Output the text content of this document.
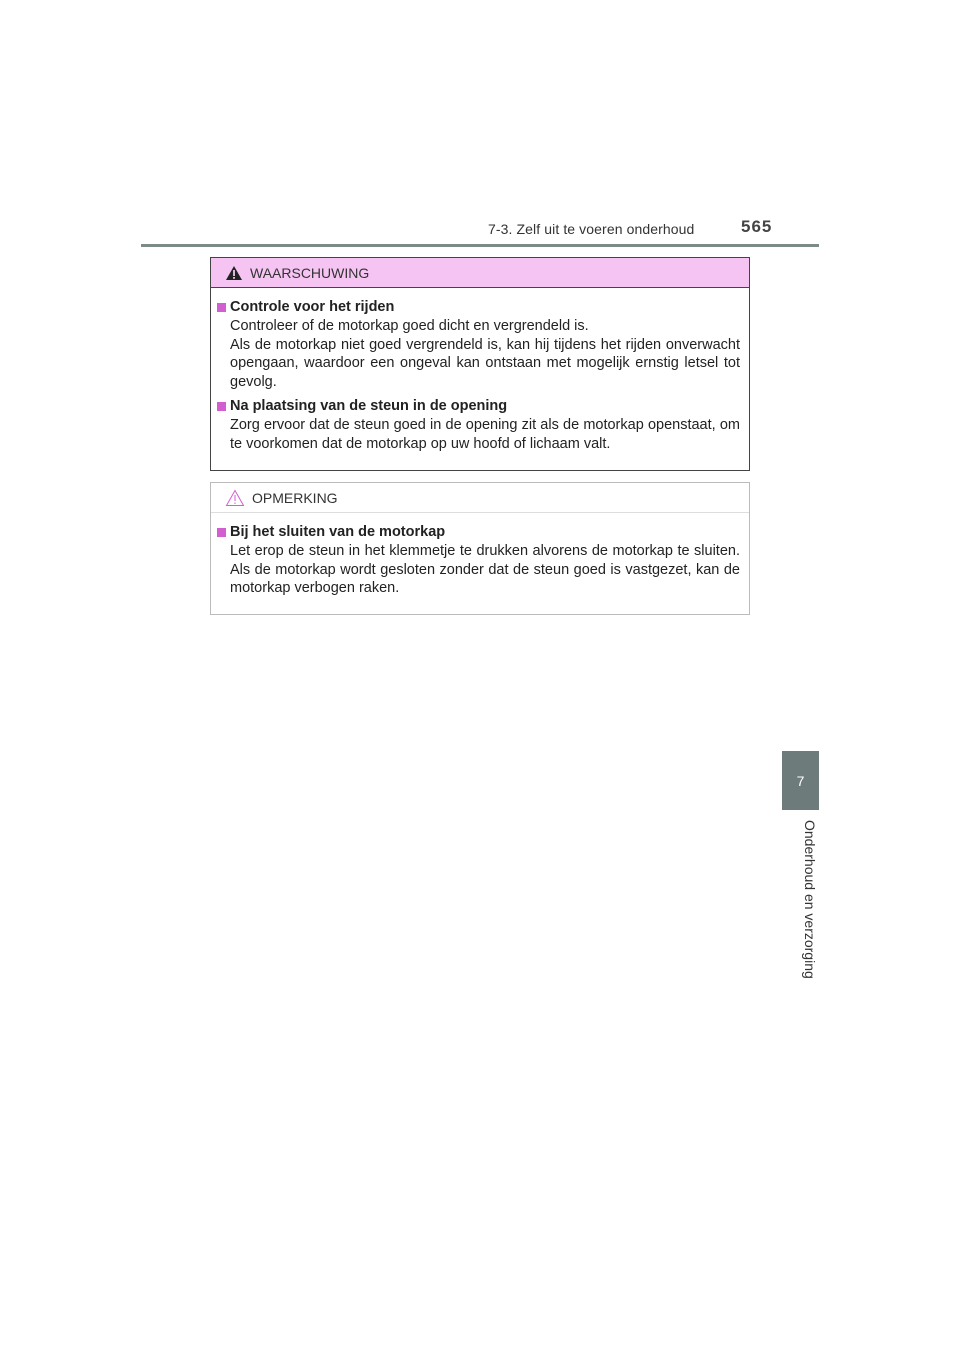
7-3. Zelf uit te voeren onderhoud	565
7
Onderhoud en verzorging
WAARSCHUWING
Controle voor het rijden
Controleer of de motorkap goed dicht en vergrendeld is.
Als de motorkap niet goed vergrendeld is, kan hij tijdens het rijden onverwacht opengaan, waardoor een ongeval kan ontstaan met mogelijk ernstig letsel tot gevolg.
Na plaatsing van de steun in de opening
Zorg ervoor dat de steun goed in de opening zit als de motorkap openstaat, om te voorkomen dat de motorkap op uw hoofd of lichaam valt.
OPMERKING
Bij het sluiten van de motorkap
Let erop de steun in het klemmetje te drukken alvorens de motorkap te sluiten. Als de motorkap wordt gesloten zonder dat de steun goed is vastgezet, kan de motorkap verbogen raken.
